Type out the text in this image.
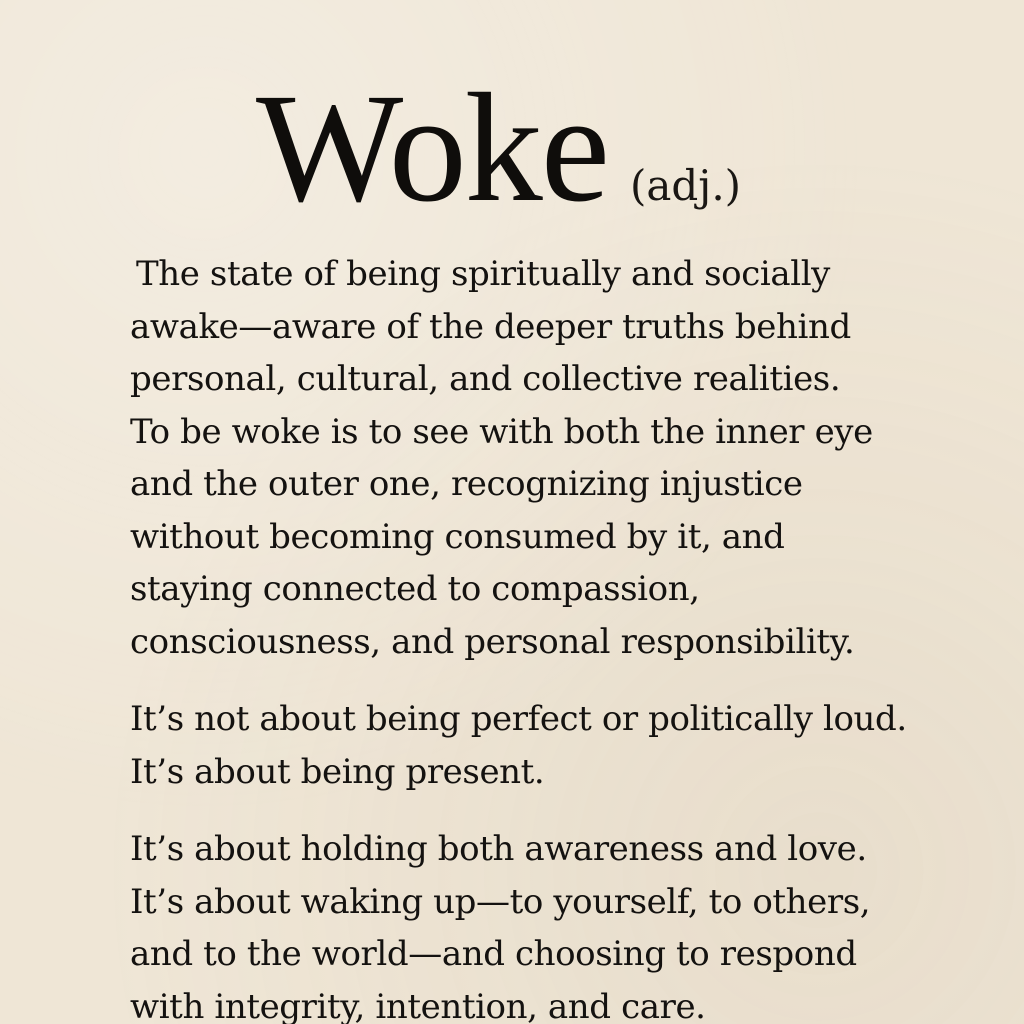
Woke (adj.)

The state of being spiritually and socially
awake—aware of the deeper truths behind
personal, cultural, and collective realities.
To be woke is to see with both the inner eye
and the outer one, recognizing injustice
without becoming consumed by it, and
staying connected to compassion,
consciousness, and personal responsibility.

It’s not about being perfect or politically loud.
It’s about being present.

It’s about holding both awareness and love.
It’s about waking up—to yourself, to others,
and to the world—and choosing to respond
with integrity, intention, and care.
